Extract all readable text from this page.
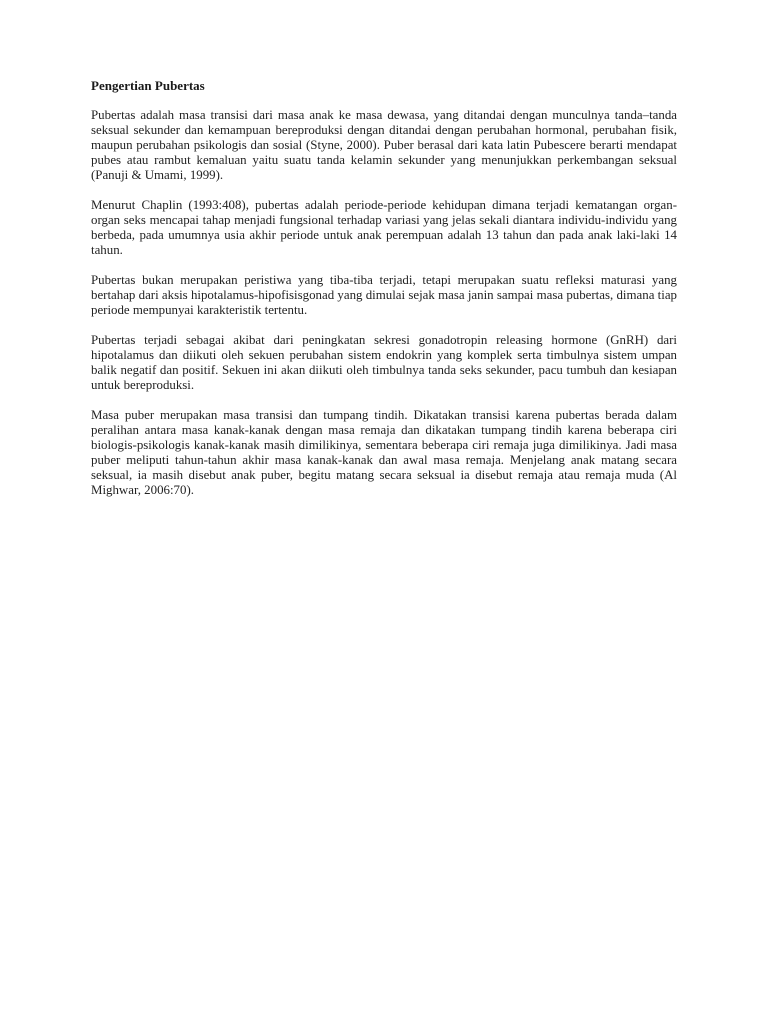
Pengertian Pubertas

Pubertas adalah masa transisi dari masa anak ke masa dewasa, yang ditandai dengan munculnya tanda–tanda seksual sekunder dan kemampuan bereproduksi dengan ditandai dengan perubahan hormonal, perubahan fisik, maupun perubahan psikologis dan sosial (Styne, 2000). Puber berasal dari kata latin Pubescere berarti mendapat pubes atau rambut kemaluan yaitu suatu tanda kelamin sekunder yang menunjukkan perkembangan seksual (Panuji & Umami, 1999).

Menurut Chaplin (1993:408), pubertas adalah periode-periode kehidupan dimana terjadi kematangan organ-organ seks mencapai tahap menjadi fungsional terhadap variasi yang jelas sekali diantara individu-individu yang berbeda, pada umumnya usia akhir periode untuk anak perempuan adalah 13 tahun dan pada anak laki-laki 14 tahun.

Pubertas bukan merupakan peristiwa yang tiba-tiba terjadi, tetapi merupakan suatu refleksi maturasi yang bertahap dari aksis hipotalamus-hipofisisgonad yang dimulai sejak masa janin sampai masa pubertas, dimana tiap periode mempunyai karakteristik tertentu.

Pubertas terjadi sebagai akibat dari peningkatan sekresi gonadotropin releasing hormone (GnRH) dari hipotalamus dan diikuti oleh sekuen perubahan sistem endokrin yang komplek serta timbulnya sistem umpan balik negatif dan positif. Sekuen ini akan diikuti oleh timbulnya tanda seks sekunder, pacu tumbuh dan kesiapan untuk bereproduksi.

Masa puber merupakan masa transisi dan tumpang tindih. Dikatakan transisi karena pubertas berada dalam peralihan antara masa kanak-kanak dengan masa remaja dan dikatakan tumpang tindih karena beberapa ciri biologis-psikologis kanak-kanak masih dimilikinya, sementara beberapa ciri remaja juga dimilikinya. Jadi masa puber meliputi tahun-tahun akhir masa kanak-kanak dan awal masa remaja. Menjelang anak matang secara seksual, ia masih disebut anak puber, begitu matang secara seksual ia disebut remaja atau remaja muda (Al Mighwar, 2006:70).
